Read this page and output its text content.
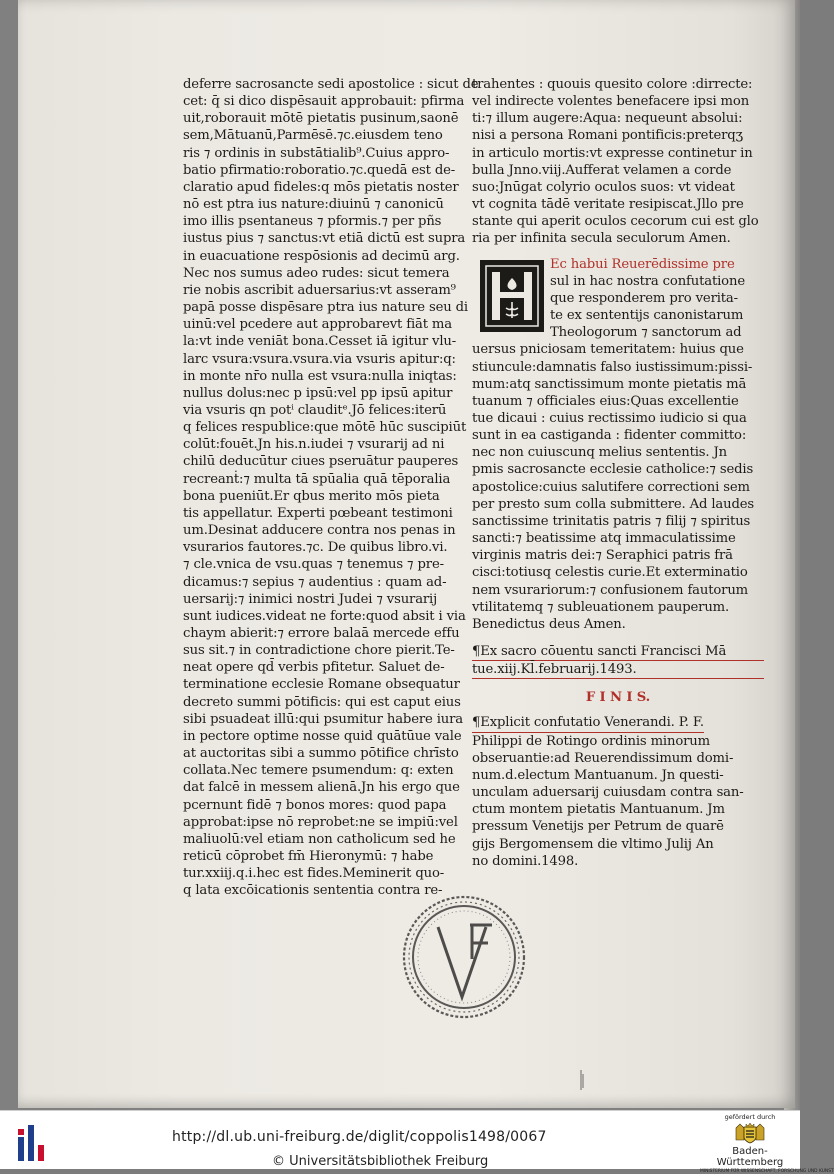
deferre sacrosancte sedi apostolice : sicut de

cet: q̄ si dico dispēsauit approbauit: pfirma

uit,roborauit mōtē pietatis pusinum,saonē

sem,Mātuanū,Parmēsē.⁊c.eiusdem teno

ris ⁊ ordinis in substātialib⁹.Cuius appro-

batio pfirmatio:roboratio.⁊c.quedā est de-

claratio apud fideles:q mōs pietatis noster

nō est ptra ius nature:diuinū ⁊ canonicū

imo illis psentaneus ⁊ pformis.⁊ per pñs

iustus pius ⁊ sanctus:vt etiā dictū est supra

in euacuatione respōsionis ad decimū arg.

Nec nos sumus adeo rudes: sicut temera

rie nobis ascribit aduersarius:vt asseram⁹

papā posse dispēsare ptra ius nature seu di

uinū:vel pcedere aut approbarevt fiāt ma

la:vt inde veniāt bona.Cesset iā igitur vlu-

larc vsura:vsura.vsura.via vsuris apitur:q:

in monte nr̄o nulla est vsura:nulla iniqtas:

nullus dolus:nec p ipsū:vel pp ipsū apitur

via vsuris qn potⁱ clauditᵉ.Jō felices:iterū

q felices respublice:que mōtē hūc suscipiūt

colūt:fouēt.Jn his.n.iudei ⁊ vsurarij ad ni

chilū deducūtur ciues pseruātur pauperes

recreanṫ:⁊ multa tā spūalia quā tēporalia

bona pueniūt.Er qbus merito mōs pieta

tis appellatur. Experti pœbeant testimoni

um.Desinat adducere contra nos penas in

vsurarios fautores.⁊c. De quibus libro.vi.

⁊ cle.vnica de vsu.quas ⁊ tenemus ⁊ pre-

dicamus:⁊ sepius ⁊ audentius : quam ad-

uersarij:⁊ inimici nostri Judei ⁊ vsurarij

sunt iudices.videat ne forte:quod absit i via

chaym abierit:⁊ errore balaā mercede effu

sus sit.⁊ in contradictione chore pierit.Te-

neat opere qd̄ verbis pfitetur. Saluet de-

terminatione ecclesie Romane obsequatur

decreto summi pōtificis: qui est caput eius

sibi psuadeat illū:qui psumitur habere iura

in pectore optime nosse quid quātūue vale

at auctoritas sibi a summo pōtifice chrīsto

collata.Nec temere psumendum: q: exten

dat falcē in messem alienā.Jn his ergo que

pcernunt fidē ⁊ bonos mores: quod papa

approbat:ipse nō reprobet:ne se impiū:vel

maliuolū:vel etiam non catholicum sed he

reticū cōprobet fm̄ Hieronymū: ⁊ habe

tur.xxiij.q.i.hec est fides.Meminerit quo-

q lata excōicationis sententia contra re-

trahentes : quouis quesito colore :dirrecte:

vel indirecte volentes benefacere ipsi mon

ti:⁊ illum augere:Aqua: nequeunt absolui:

nisi a persona Romani pontificis:preterqʒ

in articulo mortis:vt expresse continetur in

bulla Jnno.viij.Aufferat velamen a corde

suo:Jnūgat colyrio oculos suos: vt videat

vt cognita tādē veritate resipiscat.Jllo pre

stante qui aperit oculos cecorum cui est glo

ria per infinita secula seculorum Amen.

Ec habui Reuerēdissime pre

sul in hac nostra confutatione

que responderem pro verita-

te ex sententijs canonistarum

Theologorum ⁊ sanctorum ad

uersus pniciosam temeritatem: huius que

stiuncule:damnatis falso iustissimum:pissi-

mum:atq sanctissimum monte pietatis mā

tuanum ⁊ officiales eius:Quas excellentie

tue dicaui : cuius rectissimo iudicio si qua

sunt in ea castiganda : fidenter committo:

nec non cuiuscunq melius sententis. Jn

pmis sacrosancte ecclesie catholice:⁊ sedis

apostolice:cuius salutifere correctioni sem

per presto sum colla submittere. Ad laudes

sanctissime trinitatis patris ⁊ filij ⁊ spiritus

sancti:⁊ beatissime atq immaculatissime

virginis matris dei:⁊ Seraphici patris frā

cisci:totiusq celestis curie.Et exterminatio

nem vsurariorum:⁊ confusionem fautorum

vtilitatemq ⁊ subleuationem pauperum.

Benedictus deus Amen.

¶Ex sacro cōuentu sancti Francisci Mā

tue.xiij.Kl̄.februarij.1493.

F I N I S.

¶Explicit confutatio Venerandi. P. F.

Philippi de Rotingo ordinis minorum

obseruantie:ad Reuerendissimum domi-

num.d.electum Mantuanum. Jn questi-

unculam aduersarij cuiusdam contra san-

ctum montem pietatis Mantuanum. Jm

pressum Venetijs per Petrum de quarē

gijs Bergomensem die vltimo Julij An

no domini.1498.

http://dl.ub.uni-freiburg.de/diglit/coppolis1498/0067
© Universitätsbibliothek Freiburg
gefördert durch
Baden-Württemberg
MINISTERIUM FÜR WISSENSCHAFT, FORSCHUNG UND KUNST
